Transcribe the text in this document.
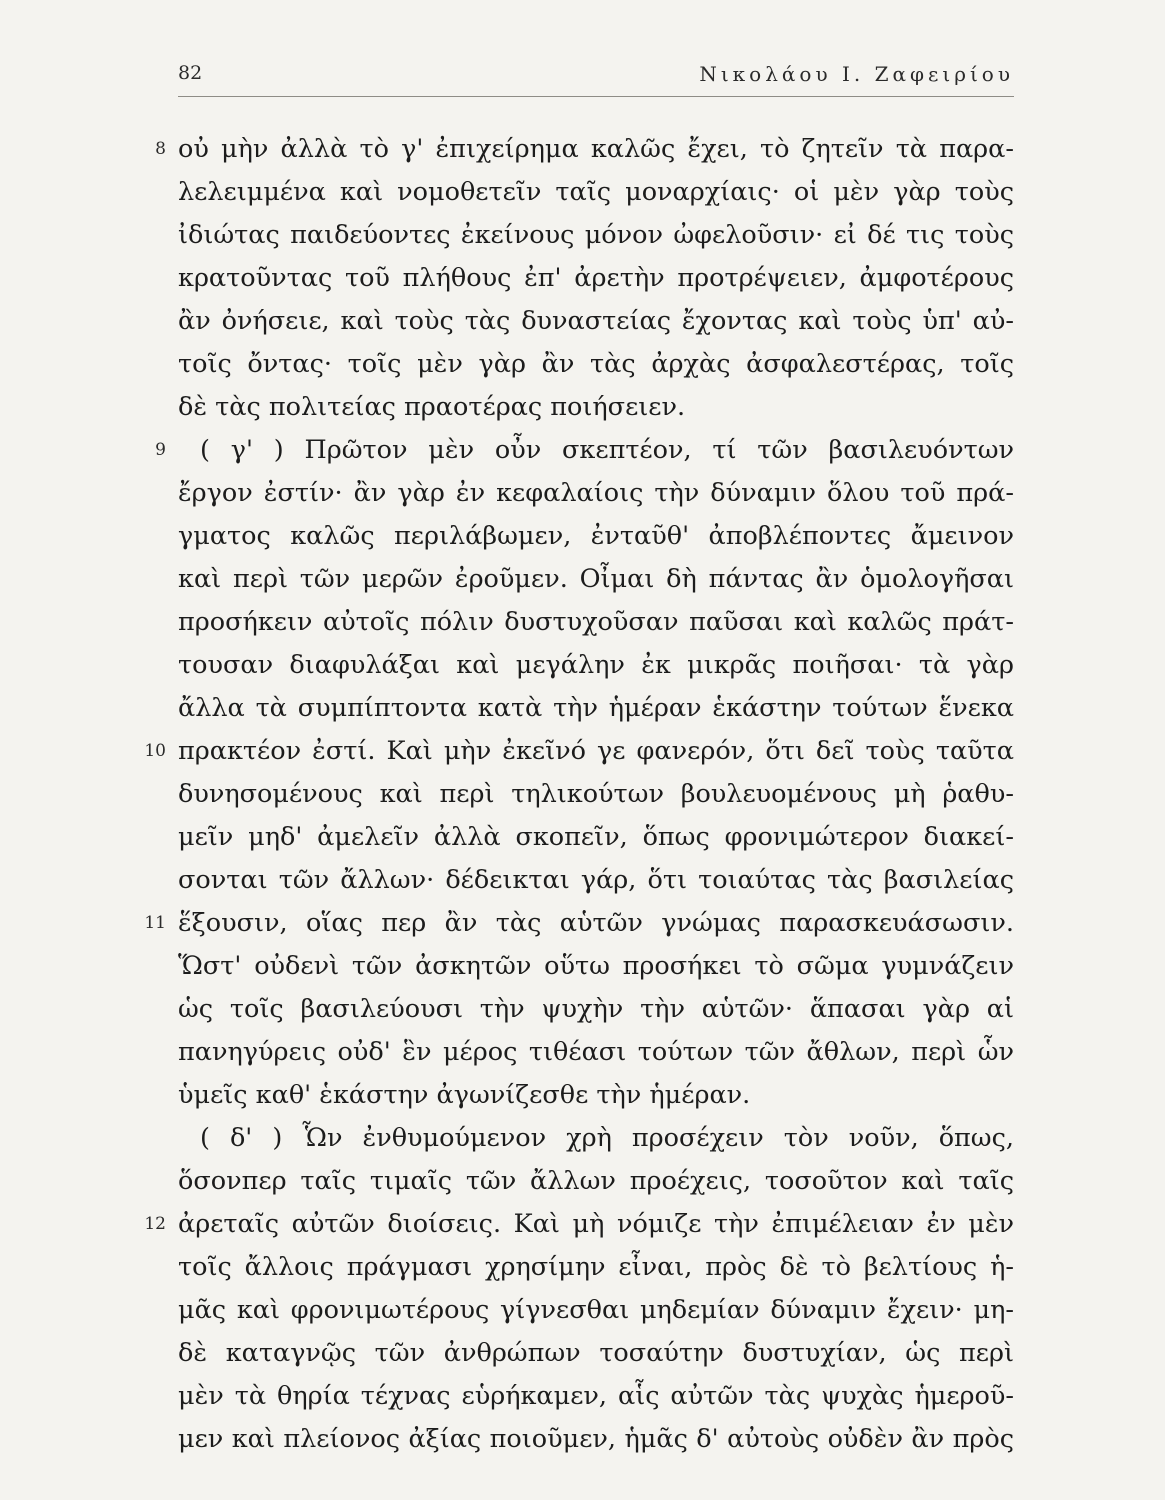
82	Νικολάου Ι. Ζαφειρίου
8
9
10
11
12
οὐ μὴν ἀλλὰ τὸ γ' ἐπιχείρημα καλῶς ἔχει, τὸ ζητεῖν τὰ παρα-
λελειμμένα καὶ νομοθετεῖν ταῖς μοναρχίαις· οἱ μὲν γὰρ τοὺς
ἰδιώτας παιδεύοντες ἐκείνους μόνον ὠφελοῦσιν· εἰ δέ τις τοὺς
κρατοῦντας τοῦ πλήθους ἐπ' ἀρετὴν προτρέψειεν, ἀμφοτέρους
ἂν ὀνήσειε, καὶ τοὺς τὰς δυναστείας ἔχοντας καὶ τοὺς ὑπ' αὐ-
τοῖς ὄντας· τοῖς μὲν γὰρ ἂν τὰς ἀρχὰς ἀσφαλεστέρας, τοῖς
δὲ τὰς πολιτείας πραοτέρας ποιήσειεν.
( γ' ) Πρῶτον μὲν οὖν σκεπτέον, τί τῶν βασιλευόντων
ἔργον ἐστίν· ἂν γὰρ ἐν κεφαλαίοις τὴν δύναμιν ὅλου τοῦ πρά-
γματος καλῶς περιλάβωμεν, ἐνταῦθ' ἀποβλέποντες ἄμεινον
καὶ περὶ τῶν μερῶν ἐροῦμεν. Οἶμαι δὴ πάντας ἂν ὁμολογῆσαι
προσήκειν αὐτοῖς πόλιν δυστυχοῦσαν παῦσαι καὶ καλῶς πράτ-
τουσαν διαφυλάξαι καὶ μεγάλην ἐκ μικρᾶς ποιῆσαι· τὰ γὰρ
ἄλλα τὰ συμπίπτοντα κατὰ τὴν ἡμέραν ἑκάστην τούτων ἕνεκα
πρακτέον ἐστί. Καὶ μὴν ἐκεῖνό γε φανερόν, ὅτι δεῖ τοὺς ταῦτα
δυνησομένους καὶ περὶ τηλικούτων βουλευομένους μὴ ῥαθυ-
μεῖν μηδ' ἀμελεῖν ἀλλὰ σκοπεῖν, ὅπως φρονιμώτερον διακεί-
σονται τῶν ἄλλων· δέδεικται γάρ, ὅτι τοιαύτας τὰς βασιλείας
ἕξουσιν, οἵας περ ἂν τὰς αὑτῶν γνώμας παρασκευάσωσιν.
Ὥστ' οὐδενὶ τῶν ἀσκητῶν οὕτω προσήκει τὸ σῶμα γυμνάζειν
ὡς τοῖς βασιλεύουσι τὴν ψυχὴν τὴν αὑτῶν· ἅπασαι γὰρ αἱ
πανηγύρεις οὐδ' ἓν μέρος τιθέασι τούτων τῶν ἄθλων, περὶ ὧν
ὑμεῖς καθ' ἑκάστην ἀγωνίζεσθε τὴν ἡμέραν.
( δ' ) Ὧν ἐνθυμούμενον χρὴ προσέχειν τὸν νοῦν, ὅπως,
ὅσονπερ ταῖς τιμαῖς τῶν ἄλλων προέχεις, τοσοῦτον καὶ ταῖς
ἀρεταῖς αὐτῶν διοίσεις. Καὶ μὴ νόμιζε τὴν ἐπιμέλειαν ἐν μὲν
τοῖς ἄλλοις πράγμασι χρησίμην εἶναι, πρὸς δὲ τὸ βελτίους ἡ-
μᾶς καὶ φρονιμωτέρους γίγνεσθαι μηδεμίαν δύναμιν ἔχειν· μη-
δὲ καταγνῷς τῶν ἀνθρώπων τοσαύτην δυστυχίαν, ὡς περὶ
μὲν τὰ θηρία τέχνας εὑρήκαμεν, αἷς αὐτῶν τὰς ψυχὰς ἡμεροῦ-
μεν καὶ πλείονος ἀξίας ποιοῦμεν, ἡμᾶς δ' αὐτοὺς οὐδὲν ἂν πρὸς
